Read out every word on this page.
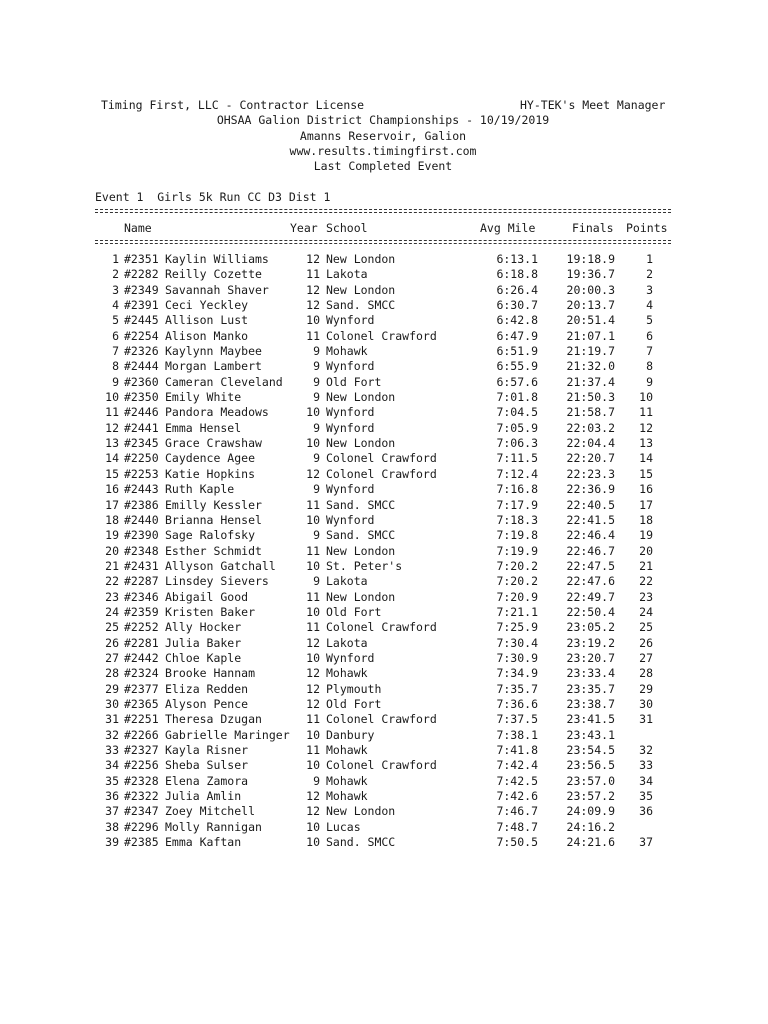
Timing First, LLC - Contractor License	HY-TEK's Meet Manager
OHSAA Galion District Championships - 10/19/2019
Amanns Reservoir, Galion
www.results.timingfirst.com
Last Completed Event
Event 1  Girls 5k Run CC D3 Dist 1
Name	Year School	Avg Mile	Finals Points
1 #2351 Kaylin Williams	12 New London	6:13.1	19:18.9	1
2 #2282 Reilly Cozette	11 Lakota	6:18.8	19:36.7	2
3 #2349 Savannah Shaver	12 New London	6:26.4	20:00.3	3
4 #2391 Ceci Yeckley	12 Sand. SMCC	6:30.7	20:13.7	4
5 #2445 Allison Lust	10 Wynford	6:42.8	20:51.4	5
6 #2254 Alison Manko	11 Colonel Crawford	6:47.9	21:07.1	6
7 #2326 Kaylynn Maybee	9 Mohawk	6:51.9	21:19.7	7
8 #2444 Morgan Lambert	9 Wynford	6:55.9	21:32.0	8
9 #2360 Cameran Cleveland	9 Old Fort	6:57.6	21:37.4	9
10 #2350 Emily White	9 New London	7:01.8	21:50.3	10
11 #2446 Pandora Meadows	10 Wynford	7:04.5	21:58.7	11
12 #2441 Emma Hensel	9 Wynford	7:05.9	22:03.2	12
13 #2345 Grace Crawshaw	10 New London	7:06.3	22:04.4	13
14 #2250 Caydence Agee	9 Colonel Crawford	7:11.5	22:20.7	14
15 #2253 Katie Hopkins	12 Colonel Crawford	7:12.4	22:23.3	15
16 #2443 Ruth Kaple	9 Wynford	7:16.8	22:36.9	16
17 #2386 Emilly Kessler	11 Sand. SMCC	7:17.9	22:40.5	17
18 #2440 Brianna Hensel	10 Wynford	7:18.3	22:41.5	18
19 #2390 Sage Ralofsky	9 Sand. SMCC	7:19.8	22:46.4	19
20 #2348 Esther Schmidt	11 New London	7:19.9	22:46.7	20
21 #2431 Allyson Gatchall	10 St. Peter's	7:20.2	22:47.5	21
22 #2287 Linsdey Sievers	9 Lakota	7:20.2	22:47.6	22
23 #2346 Abigail Good	11 New London	7:20.9	22:49.7	23
24 #2359 Kristen Baker	10 Old Fort	7:21.1	22:50.4	24
25 #2252 Ally Hocker	11 Colonel Crawford	7:25.9	23:05.2	25
26 #2281 Julia Baker	12 Lakota	7:30.4	23:19.2	26
27 #2442 Chloe Kaple	10 Wynford	7:30.9	23:20.7	27
28 #2324 Brooke Hannam	12 Mohawk	7:34.9	23:33.4	28
29 #2377 Eliza Redden	12 Plymouth	7:35.7	23:35.7	29
30 #2365 Alyson Pence	12 Old Fort	7:36.6	23:38.7	30
31 #2251 Theresa Dzugan	11 Colonel Crawford	7:37.5	23:41.5	31
32 #2266 Gabrielle Maringer	10 Danbury	7:38.1	23:43.1
33 #2327 Kayla Risner	11 Mohawk	7:41.8	23:54.5	32
34 #2256 Sheba Sulser	10 Colonel Crawford	7:42.4	23:56.5	33
35 #2328 Elena Zamora	9 Mohawk	7:42.5	23:57.0	34
36 #2322 Julia Amlin	12 Mohawk	7:42.6	23:57.2	35
37 #2347 Zoey Mitchell	12 New London	7:46.7	24:09.9	36
38 #2296 Molly Rannigan	10 Lucas	7:48.7	24:16.2
39 #2385 Emma Kaftan	10 Sand. SMCC	7:50.5	24:21.6	37
